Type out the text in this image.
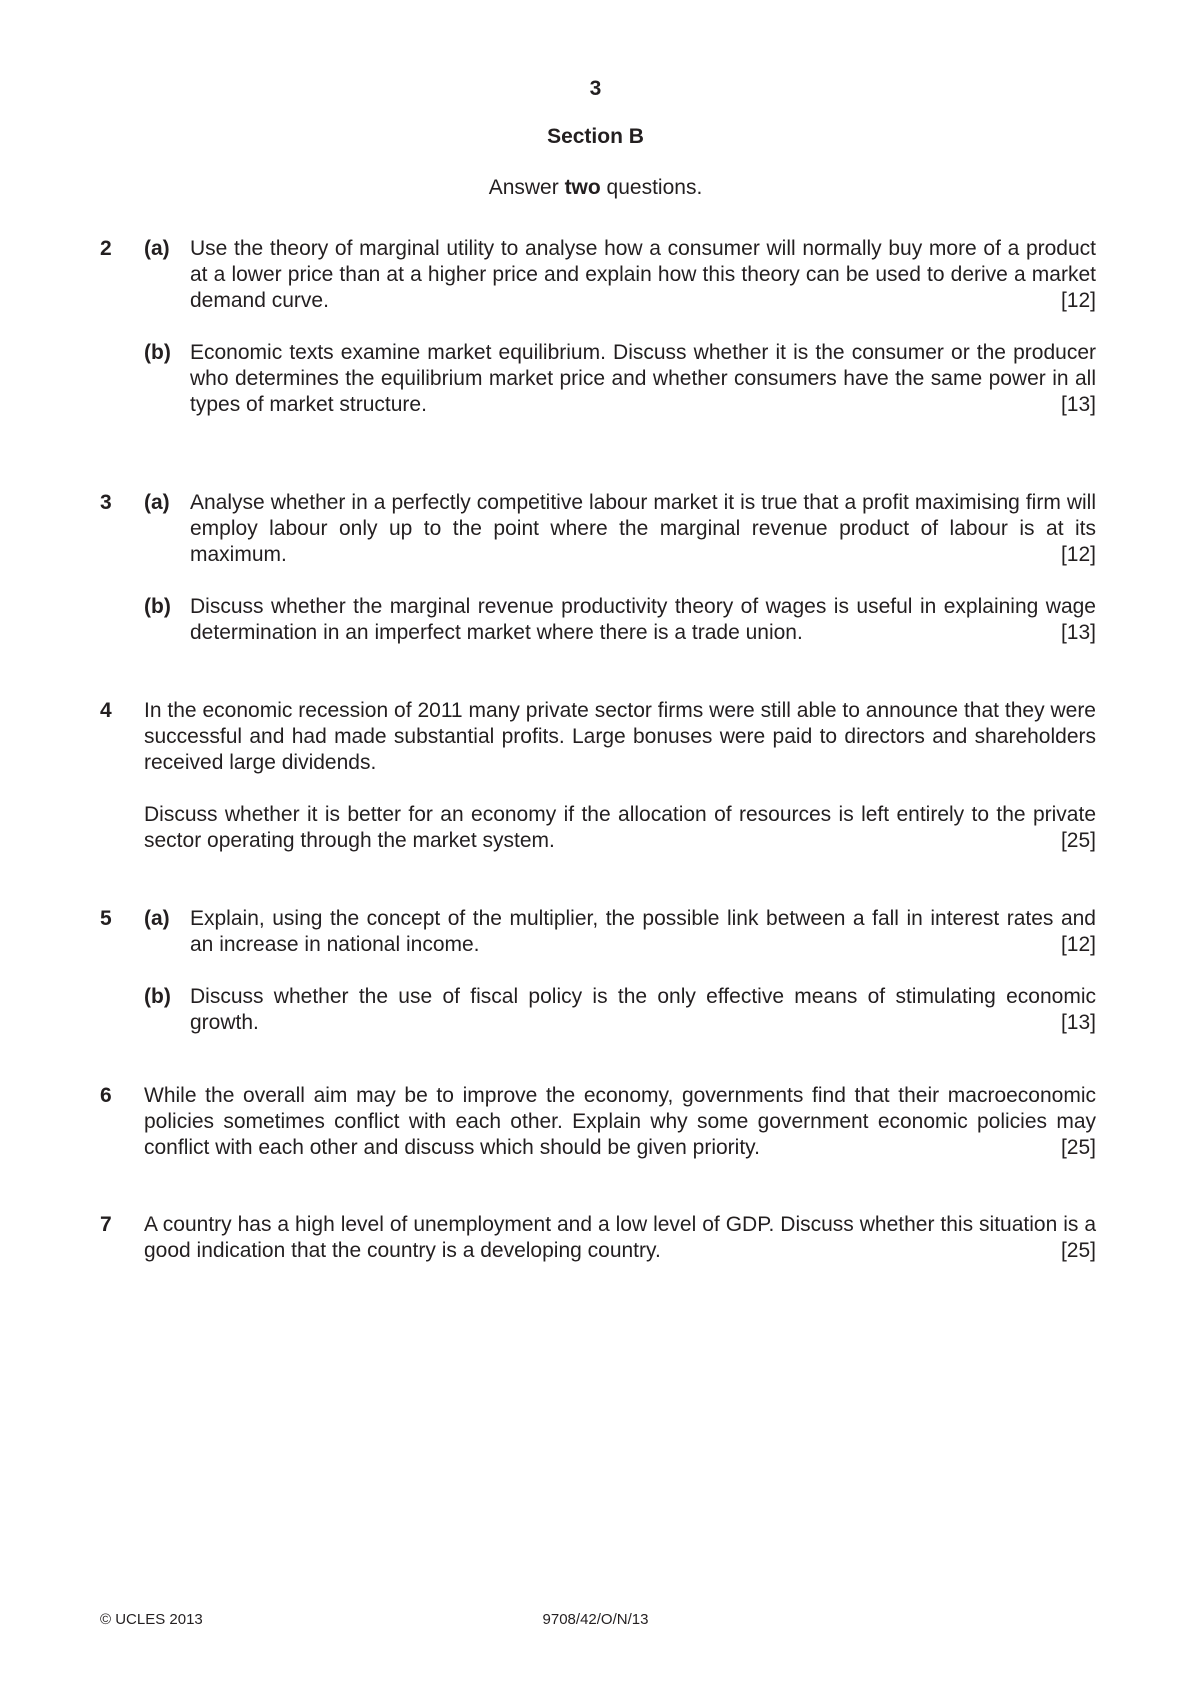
3
Section B
Answer two questions.
2 (a) Use the theory of marginal utility to analyse how a consumer will normally buy more of a product at a lower price than at a higher price and explain how this theory can be used to derive a market demand curve.	[12]
(b) Economic texts examine market equilibrium. Discuss whether it is the consumer or the producer who determines the equilibrium market price and whether consumers have the same power in all types of market structure.	[13]
3 (a) Analyse whether in a perfectly competitive labour market it is true that a profit maximising firm will employ labour only up to the point where the marginal revenue product of labour is at its maximum.	[12]
(b) Discuss whether the marginal revenue productivity theory of wages is useful in explaining wage determination in an imperfect market where there is a trade union.	[13]
4 In the economic recession of 2011 many private sector firms were still able to announce that they were successful and had made substantial profits. Large bonuses were paid to directors and shareholders received large dividends.
Discuss whether it is better for an economy if the allocation of resources is left entirely to the private sector operating through the market system.	[25]
5 (a) Explain, using the concept of the multiplier, the possible link between a fall in interest rates and an increase in national income.	[12]
(b) Discuss whether the use of fiscal policy is the only effective means of stimulating economic growth.	[13]
6 While the overall aim may be to improve the economy, governments find that their macroeconomic policies sometimes conflict with each other. Explain why some government economic policies may conflict with each other and discuss which should be given priority.	[25]
7 A country has a high level of unemployment and a low level of GDP. Discuss whether this situation is a good indication that the country is a developing country.	[25]
© UCLES 2013	9708/42/O/N/13
